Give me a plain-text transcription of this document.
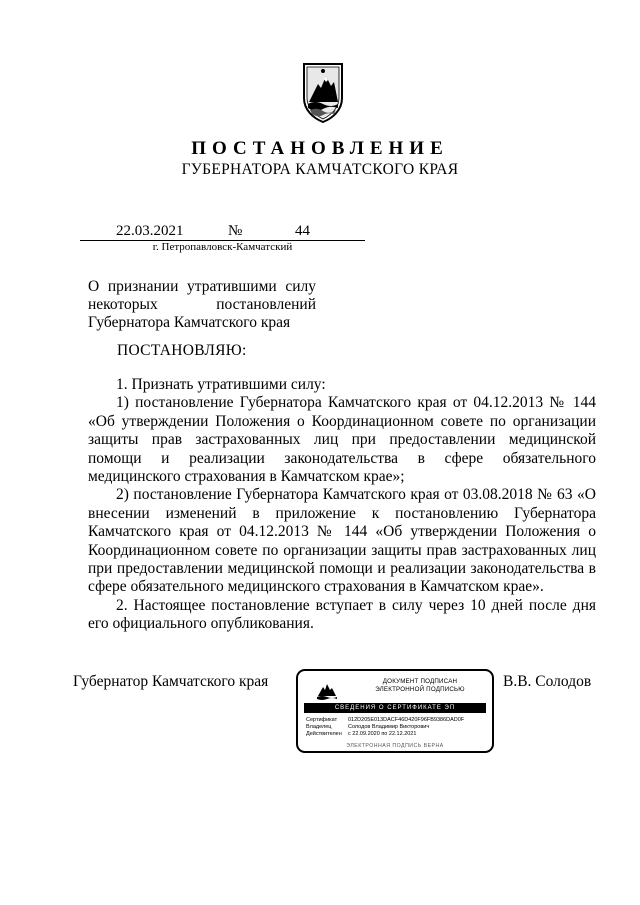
ПОСТАНОВЛЕНИЕ
ГУБЕРНАТОРА КАМЧАТСКОГО КРАЯ
22.03.2021	№	44
г. Петропавловск-Камчатский
О признании утратившими силу
некоторых	постановлений
Губернатора Камчатского края
ПОСТАНОВЛЯЮ:

1. Признать утратившими силу:

1) постановление Губернатора Камчатского края от 04.12.2013 № 144 «Об утверждении Положения о Координационном совете по организации защиты прав застрахованных лиц при предоставлении медицинской помощи и реализации законодательства в сфере обязательного медицинского страхования в Камчатском крае»;

2) постановление Губернатора Камчатского края от 03.08.2018 № 63 «О внесении изменений в приложение к постановлению Губернатора Камчатского края от 04.12.2013 № 144 «Об утверждении Положения о Координационном совете по организации защиты прав застрахованных лиц при предоставлении медицинской помощи и реализации законодательства в сфере обязательного медицинского страхования в Камчатском крае».

2. Настоящее постановление вступает в силу через 10 дней после дня его официального опубликования.

Губернатор Камчатского края	ДОКУМЕНТ ПОДПИСАН
ЭЛЕКТРОННОЙ ПОДПИСЬЮ
СВЕДЕНИЯ О СЕРТИФИКАТЕ ЭП
Сертификат 012D205E013DACF46D420F96FB9386DAD0F
Владелец	Солодов Владимир Викторович
Действителен с 22.09.2020 по 22.12.2021
ЭЛЕКТРОННАЯ ПОДПИСЬ ВЕРНА
В.В. Солодов
